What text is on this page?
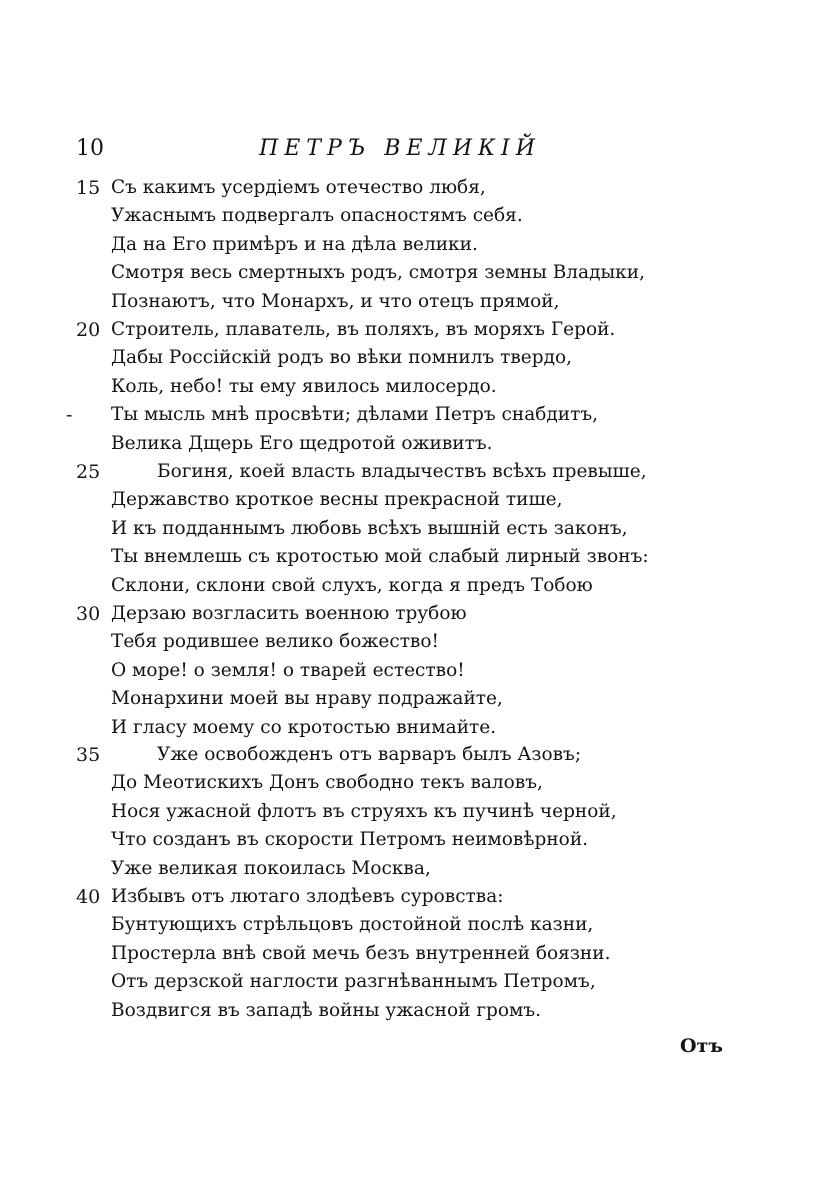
10	ПЕТРЪ ВЕЛИКІЙ
15 Съ какимъ усердіемъ отечество любя,
Ужаснымъ подвергалъ опасностямъ себя.
Да на Его примѣръ и на дѣла велики.
Смотря весь смертныхъ родъ, смотря земны Владыки,
Познаютъ, что Монархъ, и что отецъ прямой,
20 Строитель, плаватель, въ поляхъ, въ моряхъ Герой.
Дабы Россійскій родъ во вѣки помнилъ твердо,
Коль, небо! ты ему явилось милосердо.
-	Ты мысль мнѣ просвѣти; дѣлами Петръ снабдитъ,
Велика Дщерь Его щедротой оживитъ.
25	Богиня, коей власть владычествъ всѣхъ превыше,
Державство кроткое весны прекрасной тише,
И къ подданнымъ любовь всѣхъ вышній есть законъ,
Ты внемлешь съ кротостью мой слабый лирный звонъ:
Склони, склони свой слухъ, когда я предъ Тобою
30 Дерзаю возгласить военною трубою
Тебя родившее велико божество!
О море! о земля! о тварей естество!
Монархини моей вы нраву подражайте,
И гласу моему со кротостью внимайте.
35	Уже освобожденъ отъ варваръ былъ Азовъ;
До Меотискихъ Донъ свободно текъ валовъ,
Нося ужасной флотъ въ струяхъ къ пучинѣ черной,
Что созданъ въ скорости Петромъ неимовѣрной.
Уже великая покоилась Москва,
40 Избывъ отъ лютаго злодѣевъ суровства:
Бунтующихъ стрѣльцовъ достойной послѣ казни,
Простерла внѣ свой мечь безъ внутренней боязни.
Отъ дерзской наглости разгнѣваннымъ Петромъ,
Воздвигся въ западѣ войны ужасной громъ.
Отъ
